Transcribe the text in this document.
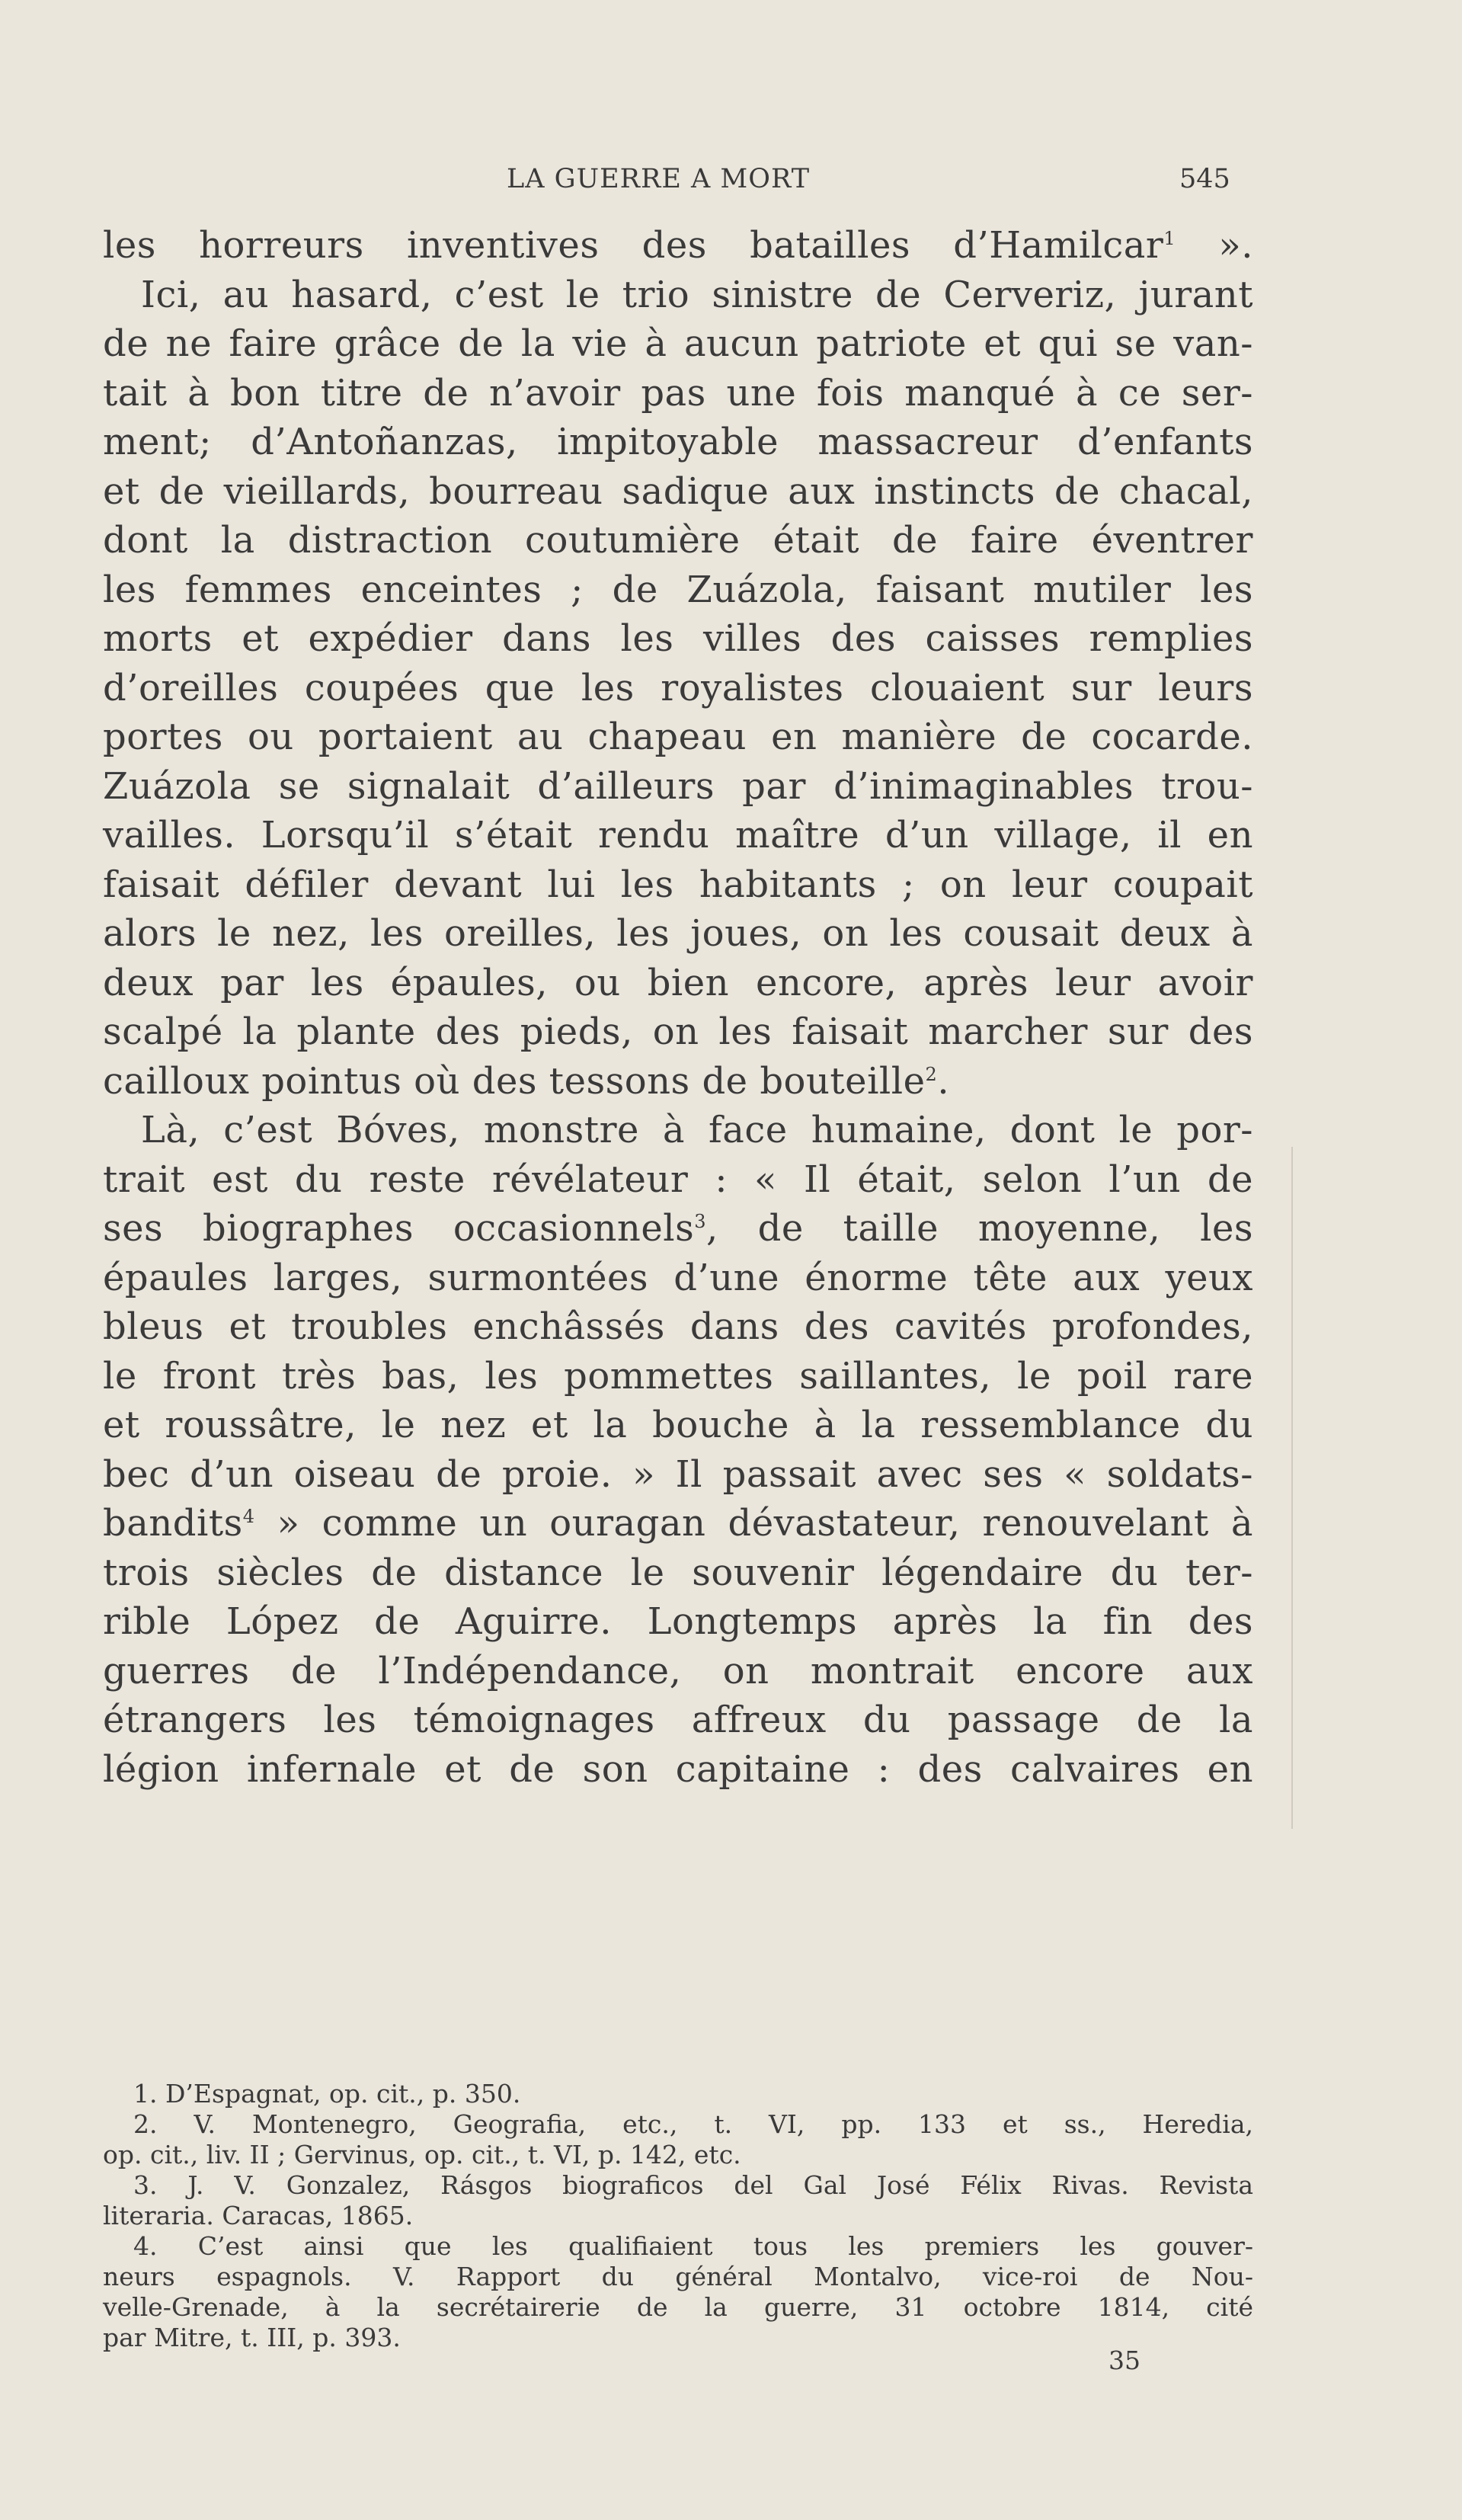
LA GUERRE A MORT	545
les horreurs inventives des batailles d’Hamilcar$^1$ ».
Ici, au hasard, c’est le trio sinistre de Cerveriz, jurant
de ne faire grâce de la vie à aucun patriote et qui se van-
tait à bon titre de n’avoir pas une fois manqué à ce ser-
ment; d’Antoñanzas, impitoyable massacreur d’enfants
et de vieillards, bourreau sadique aux instincts de chacal,
dont la distraction coutumière était de faire éventrer
les femmes enceintes ; de Zuázola, faisant mutiler les
morts et expédier dans les villes des caisses remplies
d’oreilles coupées que les royalistes clouaient sur leurs
portes ou portaient au chapeau en manière de cocarde.
Zuázola se signalait d’ailleurs par d’inimaginables trou-
vailles. Lorsqu’il s’était rendu maître d’un village, il en
faisait défiler devant lui les habitants ; on leur coupait
alors le nez, les oreilles, les joues, on les cousait deux à
deux par les épaules, ou bien encore, après leur avoir
scalpé la plante des pieds, on les faisait marcher sur des
cailloux pointus où des tessons de bouteille$^2$.
Là, c’est Bóves, monstre à face humaine, dont le por-
trait est du reste révélateur : « Il était, selon l’un de
ses biographes occasionnels$^3$, de taille moyenne, les
épaules larges, surmontées d’une énorme tête aux yeux
bleus et troubles enchâssés dans des cavités profondes,
le front très bas, les pommettes saillantes, le poil rare
et roussâtre, le nez et la bouche à la ressemblance du
bec d’un oiseau de proie. » Il passait avec ses « soldats-
bandits$^4$ » comme un ouragan dévastateur, renouvelant à
trois siècles de distance le souvenir légendaire du ter-
rible López de Aguirre. Longtemps après la fin des
guerres de l’Indépendance, on montrait encore aux
étrangers les témoignages affreux du passage de la
légion infernale et de son capitaine : des calvaires en
1. D’Espagnat, op. cit., p. 350.
2. V. Montenegro, Geografia, etc., t. VI, pp. 133 et ss., Heredia,
op. cit., liv. II ; Gervinus, op. cit., t. VI, p. 142, etc.
3. J. V. Gonzalez, Rásgos biograficos del Gal José Félix Rivas. Revista
literaria. Caracas, 1865.
4. C’est ainsi que les qualifiaient tous les premiers les gouver-
neurs espagnols. V. Rapport du général Montalvo, vice-roi de Nou-
velle-Grenade, à la secrétairerie de la guerre, 31 octobre 1814, cité
par Mitre, t. III, p. 393.
35
